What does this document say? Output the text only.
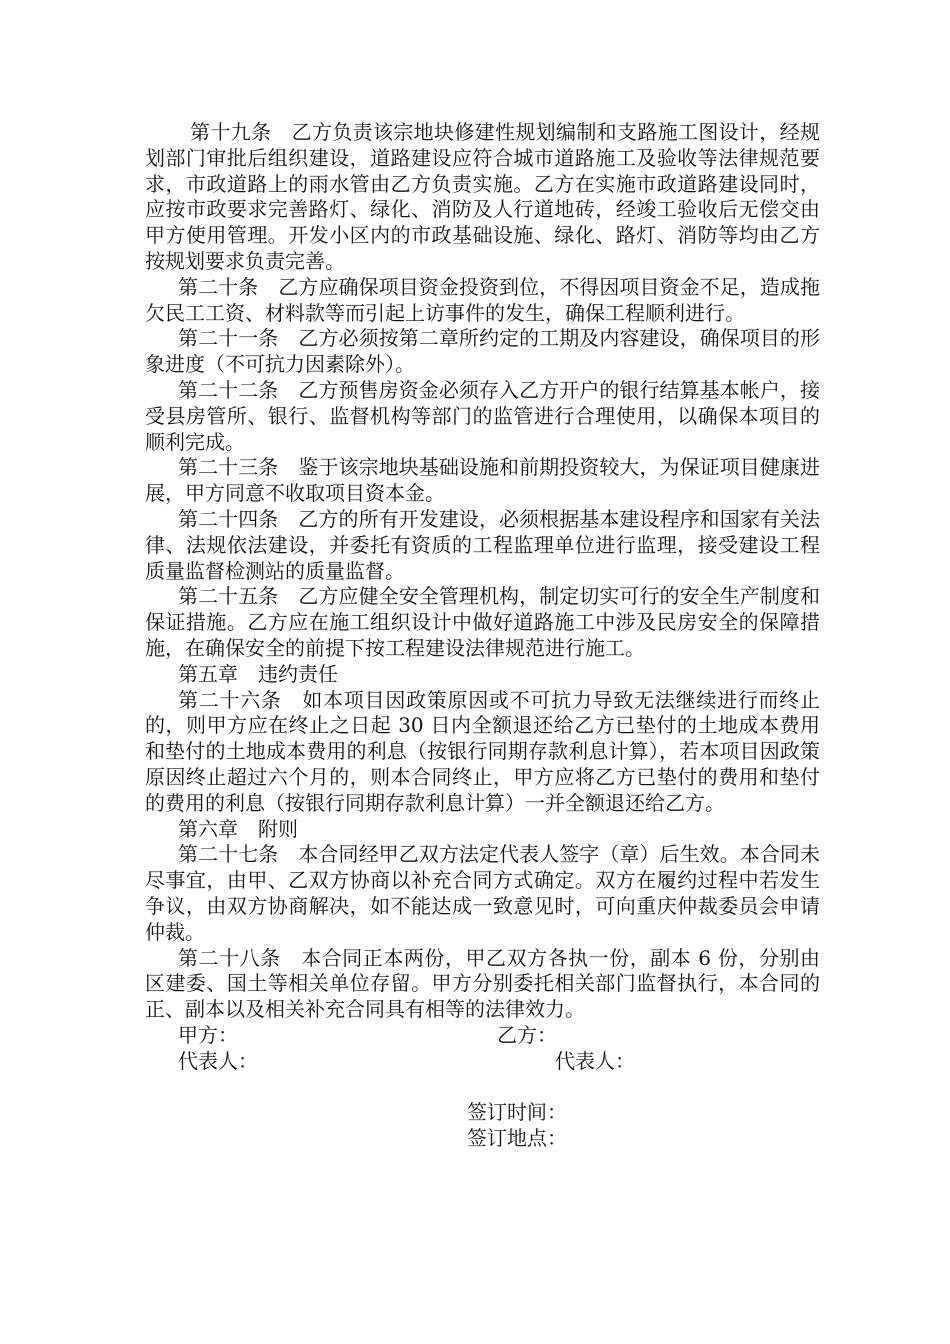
第十九条　乙方负责该宗地块修建性规划编制和支路施工图设计，经规划部门审批后组织建设，道路建设应符合城市道路施工及验收等法律规范要求，市政道路上的雨水管由乙方负责实施。乙方在实施市政道路建设同时，应按市政要求完善路灯、绿化、消防及人行道地砖，经竣工验收后无偿交由甲方使用管理。开发小区内的市政基础设施、绿化、路灯、消防等均由乙方按规划要求负责完善。

第二十条　乙方应确保项目资金投资到位，不得因项目资金不足，造成拖欠民工工资、材料款等而引起上访事件的发生，确保工程顺利进行。

第二十一条　乙方必须按第二章所约定的工期及内容建设，确保项目的形象进度（不可抗力因素除外）。

第二十二条　乙方预售房资金必须存入乙方开户的银行结算基本帐户，接受县房管所、银行、监督机构等部门的监管进行合理使用，以确保本项目的顺利完成。

第二十三条　鉴于该宗地块基础设施和前期投资较大，为保证项目健康进展，甲方同意不收取项目资本金。

第二十四条　乙方的所有开发建设，必须根据基本建设程序和国家有关法律、法规依法建设，并委托有资质的工程监理单位进行监理，接受建设工程质量监督检测站的质量监督。

第二十五条　乙方应健全安全管理机构，制定切实可行的安全生产制度和保证措施。乙方应在施工组织设计中做好道路施工中涉及民房安全的保障措施，在确保安全的前提下按工程建设法律规范进行施工。

第五章　违约责任

第二十六条　如本项目因政策原因或不可抗力导致无法继续进行而终止的，则甲方应在终止之日起 30 日内全额退还给乙方已垫付的土地成本费用和垫付的土地成本费用的利息（按银行同期存款利息计算），若本项目因政策原因终止超过六个月的，则本合同终止，甲方应将乙方已垫付的费用和垫付的费用的利息（按银行同期存款利息计算）一并全额退还给乙方。

第六章　附则

第二十七条　本合同经甲乙双方法定代表人签字（章）后生效。本合同未尽事宜，由甲、乙双方协商以补充合同方式确定。双方在履约过程中若发生争议，由双方协商解决，如不能达成一致意见时，可向重庆仲裁委员会申请仲裁。

第二十八条　本合同正本两份，甲乙双方各执一份，副本 6 份，分别由区建委、国土等相关单位存留。甲方分别委托相关部门监督执行，本合同的正、副本以及相关补充合同具有相等的法律效力。

甲方：	乙方：
代表人：	代表人：
签订时间：
签订地点：
